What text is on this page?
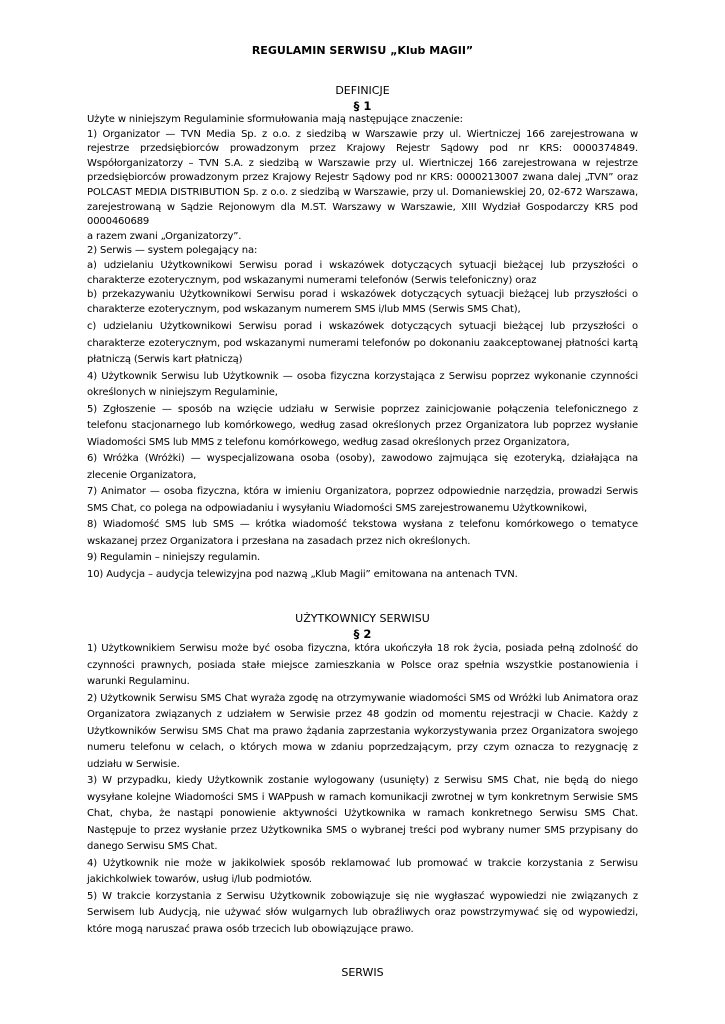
REGULAMIN SERWISU „Klub MAGII”
DEFINICJE
§ 1

Użyte w niniejszym Regulaminie sformułowania mają następujące znaczenie:

1) Organizator — TVN Media Sp. z o.o. z siedzibą w Warszawie przy ul. Wiertniczej 166 zarejestrowana w rejestrze przedsiębiorców prowadzonym przez Krajowy Rejestr Sądowy pod nr KRS: 0000374849. Współorganizatorzy – TVN S.A. z siedzibą w Warszawie przy ul. Wiertniczej 166 zarejestrowana w rejestrze przedsiębiorców prowadzonym przez Krajowy Rejestr Sądowy pod nr KRS: 0000213007 zwana dalej „TVN” oraz POLCAST MEDIA DISTRIBUTION Sp. z o.o. z siedzibą w Warszawie, przy ul. Domaniewskiej 20, 02-672 Warszawa, zarejestrowaną w Sądzie Rejonowym dla M.ST. Warszawy w Warszawie, XIII Wydział Gospodarczy KRS pod 0000460689

a razem zwani „Organizatorzy”.

2) Serwis — system polegający na:

a) udzielaniu Użytkownikowi Serwisu porad i wskazówek dotyczących sytuacji bieżącej lub przyszłości o charakterze ezoterycznym, pod wskazanymi numerami telefonów (Serwis telefoniczny) oraz

b) przekazywaniu Użytkownikowi Serwisu porad i wskazówek dotyczących sytuacji bieżącej lub przyszłości o charakterze ezoterycznym, pod wskazanym numerem SMS i/lub MMS (Serwis SMS Chat),

c) udzielaniu Użytkownikowi Serwisu porad i wskazówek dotyczących sytuacji bieżącej lub przyszłości o charakterze ezoterycznym, pod wskazanymi numerami telefonów po dokonaniu zaakceptowanej płatności kartą płatniczą (Serwis kart płatniczą)

4) Użytkownik Serwisu lub Użytkownik — osoba fizyczna korzystająca z Serwisu poprzez wykonanie czynności określonych w niniejszym Regulaminie,

5) Zgłoszenie — sposób na wzięcie udziału w Serwisie poprzez zainicjowanie połączenia telefonicznego z telefonu stacjonarnego lub komórkowego, według zasad określonych przez Organizatora lub poprzez wysłanie Wiadomości SMS lub MMS z telefonu komórkowego, według zasad określonych przez Organizatora,

6) Wróżka (Wróżki) — wyspecjalizowana osoba (osoby), zawodowo zajmująca się ezoteryką, działająca na zlecenie Organizatora,

7) Animator — osoba fizyczna, która w imieniu Organizatora, poprzez odpowiednie narzędzia, prowadzi Serwis SMS Chat, co polega na odpowiadaniu i wysyłaniu Wiadomości SMS zarejestrowanemu Użytkownikowi,

8) Wiadomość SMS lub SMS — krótka wiadomość tekstowa wysłana z telefonu komórkowego o tematyce wskazanej przez Organizatora i przesłana na zasadach przez nich określonych.

9) Regulamin – niniejszy regulamin.

10) Audycja – audycja telewizyjna pod nazwą „Klub Magii” emitowana na antenach TVN.

UŻYTKOWNICY SERWISU
§ 2

1) Użytkownikiem Serwisu może być osoba fizyczna, która ukończyła 18 rok życia, posiada pełną zdolność do czynności prawnych, posiada stałe miejsce zamieszkania w Polsce oraz spełnia wszystkie postanowienia i warunki Regulaminu.

2) Użytkownik Serwisu SMS Chat wyraża zgodę na otrzymywanie wiadomości SMS od Wróżki lub Animatora oraz Organizatora związanych z udziałem w Serwisie przez 48 godzin od momentu rejestracji w Chacie. Każdy z Użytkowników Serwisu SMS Chat ma prawo żądania zaprzestania wykorzystywania przez Organizatora swojego numeru telefonu w celach, o których mowa w zdaniu poprzedzającym, przy czym oznacza to rezygnację z udziału w Serwisie.

3) W przypadku, kiedy Użytkownik zostanie wylogowany (usunięty) z Serwisu SMS Chat, nie będą do niego wysyłane kolejne Wiadomości SMS i WAPpush w ramach komunikacji zwrotnej w tym konkretnym Serwisie SMS Chat, chyba, że nastąpi ponowienie aktywności Użytkownika w ramach konkretnego Serwisu SMS Chat. Następuje to przez wysłanie przez Użytkownika SMS o wybranej treści pod wybrany numer SMS przypisany do danego Serwisu SMS Chat.

4) Użytkownik nie może w jakikolwiek sposób reklamować lub promować w trakcie korzystania z Serwisu jakichkolwiek towarów, usług i/lub podmiotów.

5) W trakcie korzystania z Serwisu Użytkownik zobowiązuje się nie wygłaszać wypowiedzi nie związanych z Serwisem lub Audycją, nie używać słów wulgarnych lub obraźliwych oraz powstrzymywać się od wypowiedzi, które mogą naruszać prawa osób trzecich lub obowiązujące prawo.

SERWIS
